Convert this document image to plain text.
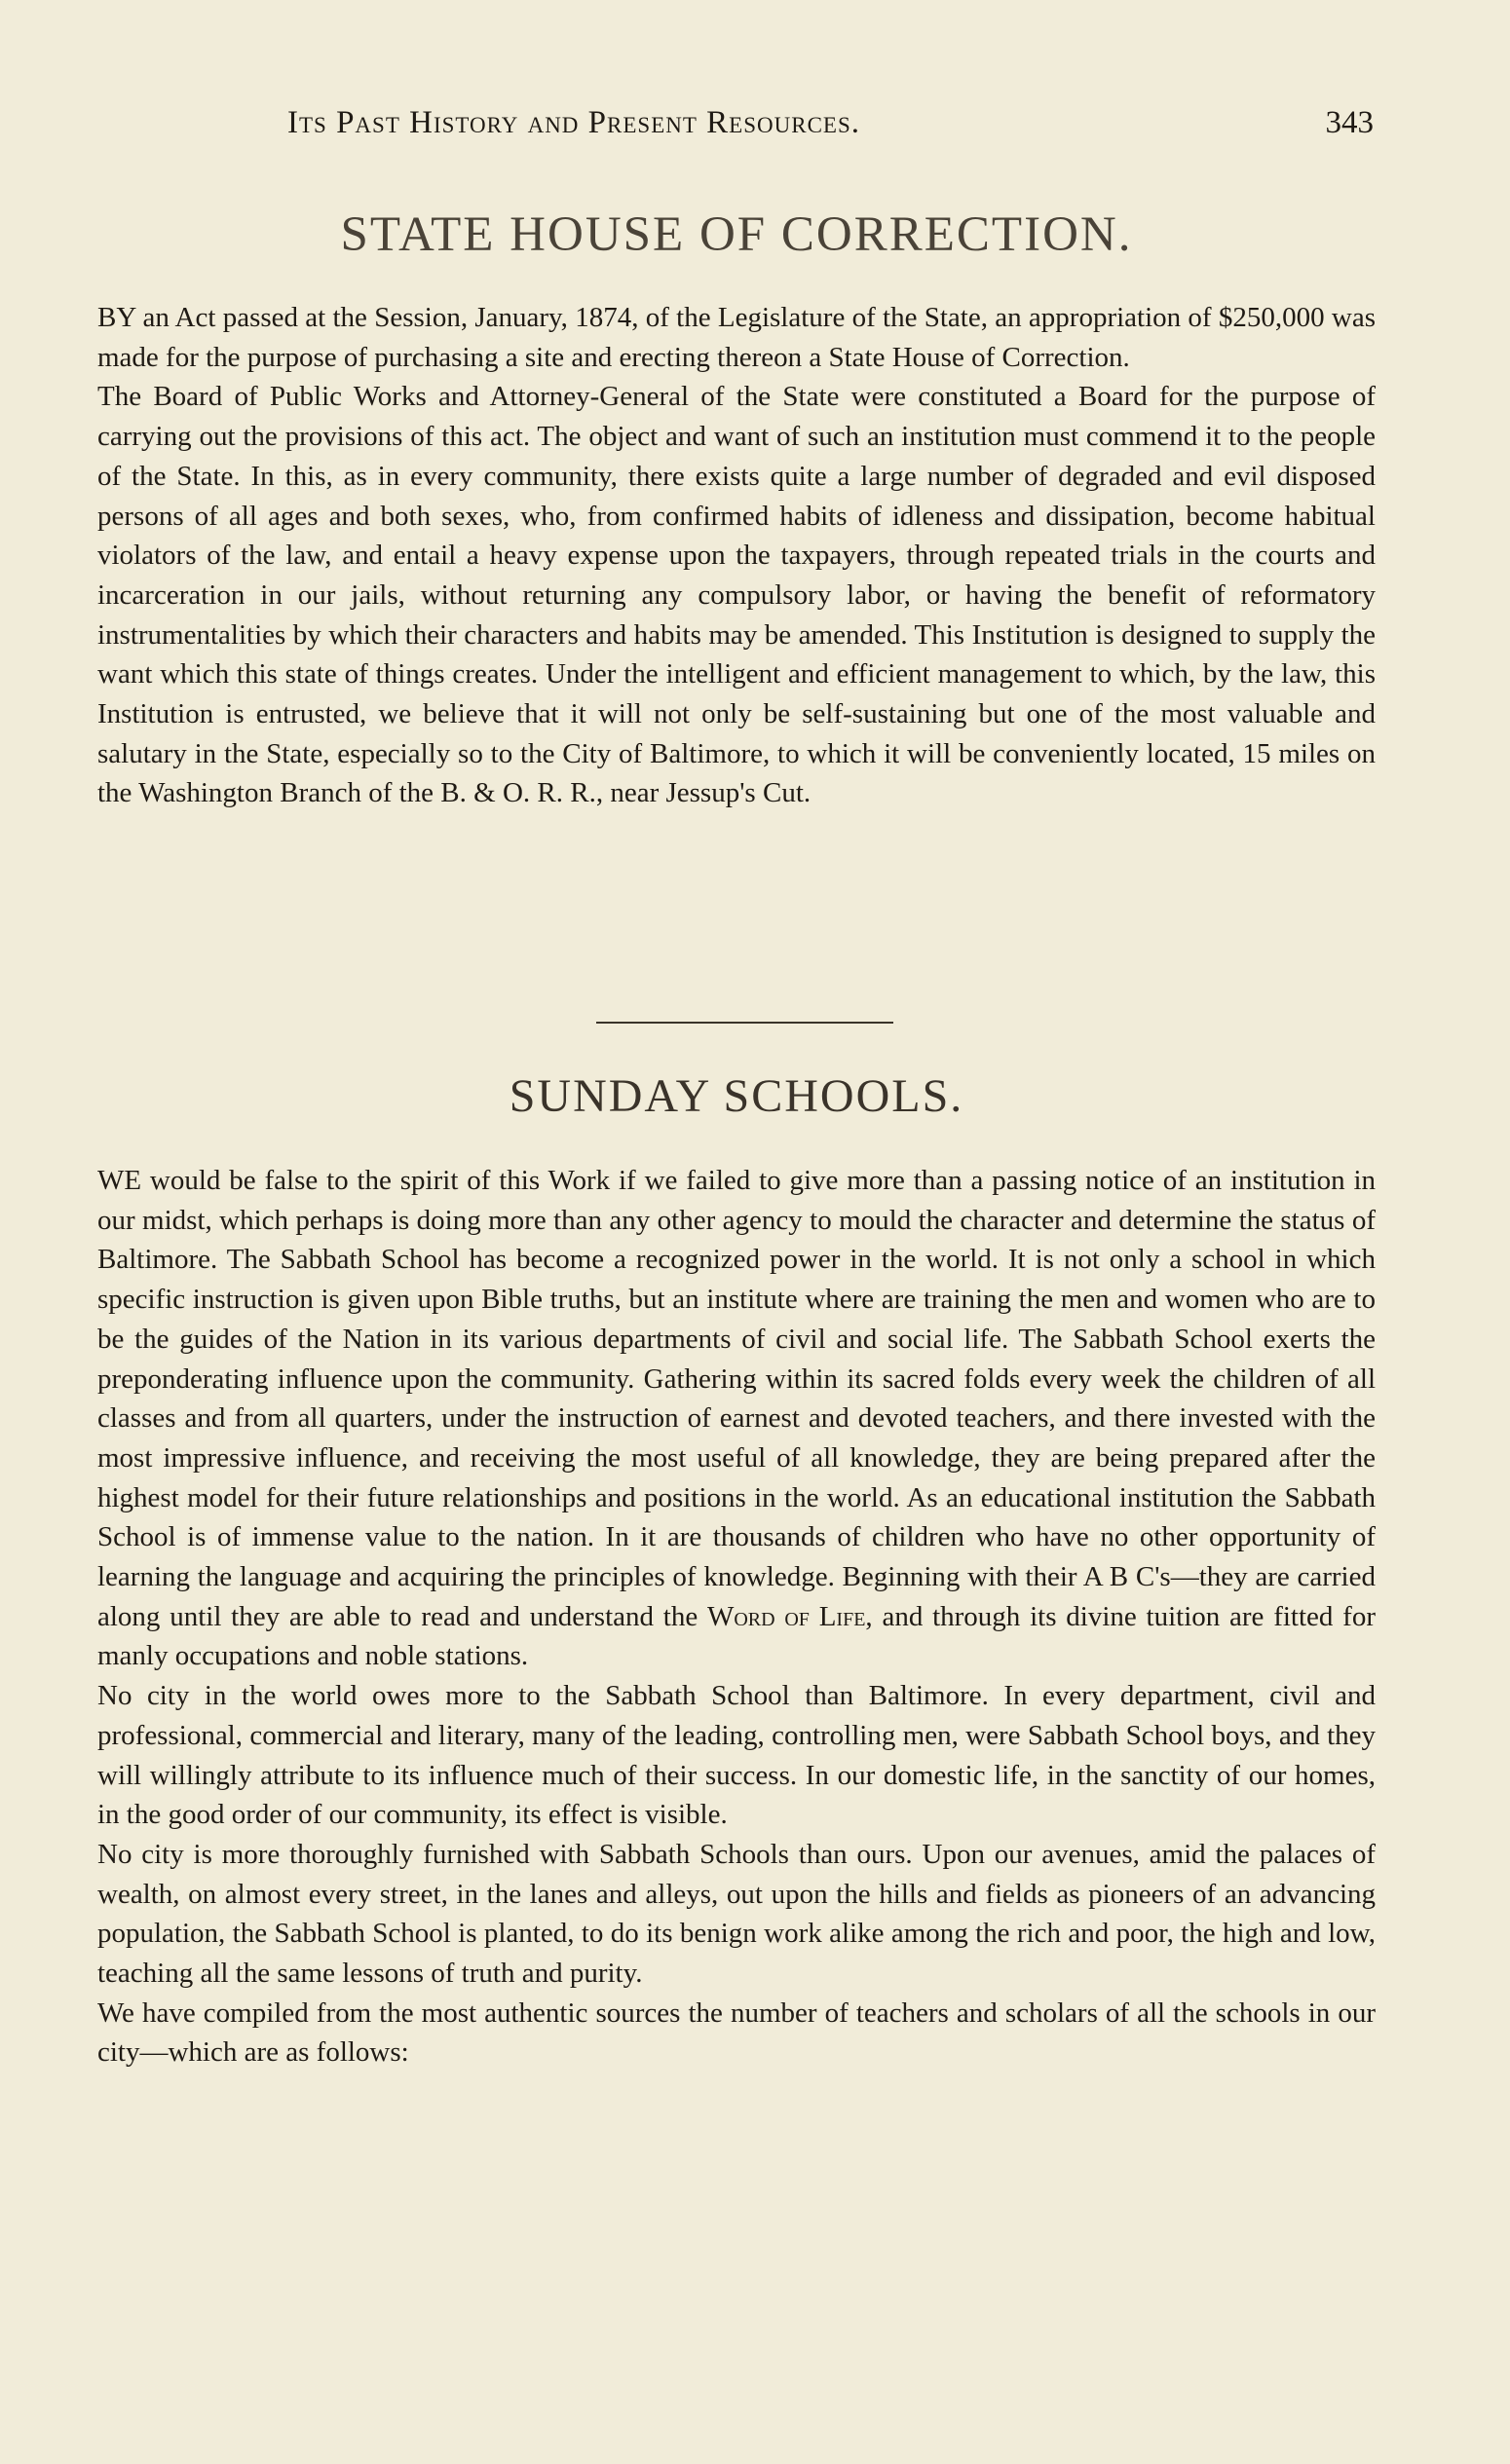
Its Past History and Present Resources.	343
STATE HOUSE OF CORRECTION.

BY an Act passed at the Session, January, 1874, of the Legislature of the State, an appropriation of $250,000 was made for the purpose of purchasing a site and erecting thereon a State House of Correction.

The Board of Public Works and Attorney-General of the State were constituted a Board for the purpose of carrying out the provisions of this act. The object and want of such an institution must commend it to the people of the State. In this, as in every community, there exists quite a large number of degraded and evil disposed persons of all ages and both sexes, who, from confirmed habits of idleness and dissipation, become habitual violators of the law, and entail a heavy expense upon the taxpayers, through repeated trials in the courts and incarceration in our jails, without returning any compulsory labor, or having the benefit of reformatory instrumentalities by which their characters and habits may be amended. This Institution is designed to supply the want which this state of things creates. Under the intelligent and efficient management to which, by the law, this Institution is entrusted, we believe that it will not only be self-sustaining but one of the most valuable and salutary in the State, especially so to the City of Baltimore, to which it will be conveniently located, 15 miles on the Washington Branch of the B. & O. R. R., near Jessup's Cut.

SUNDAY SCHOOLS.

WE would be false to the spirit of this Work if we failed to give more than a passing notice of an institution in our midst, which perhaps is doing more than any other agency to mould the character and determine the status of Baltimore. The Sabbath School has become a recognized power in the world. It is not only a school in which specific instruction is given upon Bible truths, but an institute where are training the men and women who are to be the guides of the Nation in its various departments of civil and social life. The Sabbath School exerts the preponderating influence upon the community. Gathering within its sacred folds every week the children of all classes and from all quarters, under the instruction of earnest and devoted teachers, and there invested with the most impressive influence, and receiving the most useful of all knowledge, they are being prepared after the highest model for their future relationships and positions in the world. As an educational institution the Sabbath School is of immense value to the nation. In it are thousands of children who have no other opportunity of learning the language and acquiring the principles of knowledge. Beginning with their A B C's—they are carried along until they are able to read and understand the Word of Life, and through its divine tuition are fitted for manly occupations and noble stations.

No city in the world owes more to the Sabbath School than Baltimore. In every department, civil and professional, commercial and literary, many of the leading, controlling men, were Sabbath School boys, and they will willingly attribute to its influence much of their success. In our domestic life, in the sanctity of our homes, in the good order of our community, its effect is visible.

No city is more thoroughly furnished with Sabbath Schools than ours. Upon our avenues, amid the palaces of wealth, on almost every street, in the lanes and alleys, out upon the hills and fields as pioneers of an advancing population, the Sabbath School is planted, to do its benign work alike among the rich and poor, the high and low, teaching all the same lessons of truth and purity.

We have compiled from the most authentic sources the number of teachers and scholars of all the schools in our city—which are as follows:
